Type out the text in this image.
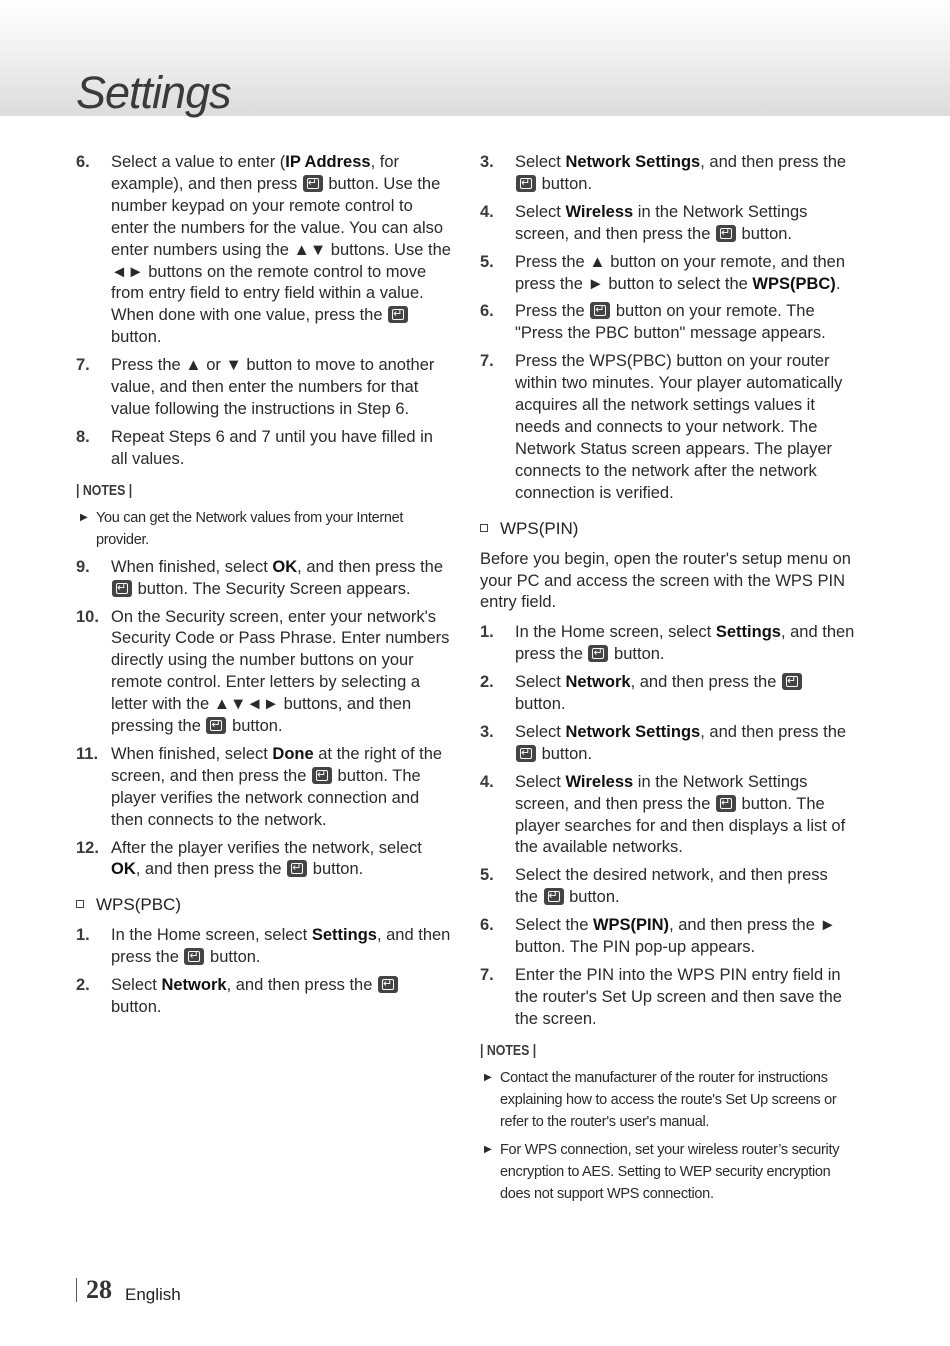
Settings
6. Select a value to enter (IP Address, for example), and then press ↵ button. Use the number keypad on your remote control to enter the numbers for the value. You can also enter numbers using the ▲▼ buttons. Use the ◄► buttons on the remote control to move from entry field to entry field within a value. When done with one value, press the ↵ button.
7. Press the ▲ or ▼ button to move to another value, and then enter the numbers for that value following the instructions in Step 6.
8. Repeat Steps 6 and 7 until you have filled in all values.
| NOTES |
▶ You can get the Network values from your Internet provider.
9. When finished, select OK, and then press the ↵ button. The Security Screen appears.
10. On the Security screen, enter your network's Security Code or Pass Phrase. Enter numbers directly using the number buttons on your remote control. Enter letters by selecting a letter with the ▲▼◄► buttons, and then pressing the ↵ button.
11. When finished, select Done at the right of the screen, and then press the ↵ button. The player verifies the network connection and then connects to the network.
12. After the player verifies the network, select OK, and then press the ↵ button.
WPS(PBC)
1. In the Home screen, select Settings, and then press the ↵ button.
2. Select Network, and then press the ↵ button.
3. Select Network Settings, and then press the ↵ button.
4. Select Wireless in the Network Settings screen, and then press the ↵ button.
5. Press the ▲ button on your remote, and then press the ► button to select the WPS(PBC).
6. Press the ↵ button on your remote. The "Press the PBC button" message appears.
7. Press the WPS(PBC) button on your router within two minutes. Your player automatically acquires all the network settings values it needs and connects to your network. The Network Status screen appears. The player connects to the network after the network connection is verified.
WPS(PIN)

Before you begin, open the router's setup menu on your PC and access the screen with the WPS PIN entry field.

1. In the Home screen, select Settings, and then press the ↵ button.
2. Select Network, and then press the ↵ button.
3. Select Network Settings, and then press the ↵ button.
4. Select Wireless in the Network Settings screen, and then press the ↵ button. The player searches for and then displays a list of the available networks.
5. Select the desired network, and then press the ↵ button.
6. Select the WPS(PIN), and then press the ► button. The PIN pop-up appears.
7. Enter the PIN into the WPS PIN entry field in the router's Set Up screen and then save the the screen.
| NOTES |
▶ Contact the manufacturer of the router for instructions explaining how to access the route's Set Up screens or refer to the router's user's manual.
▶ For WPS connection, set your wireless router’s security encryption to AES. Setting to WEP security encryption does not support WPS connection.
28 English
